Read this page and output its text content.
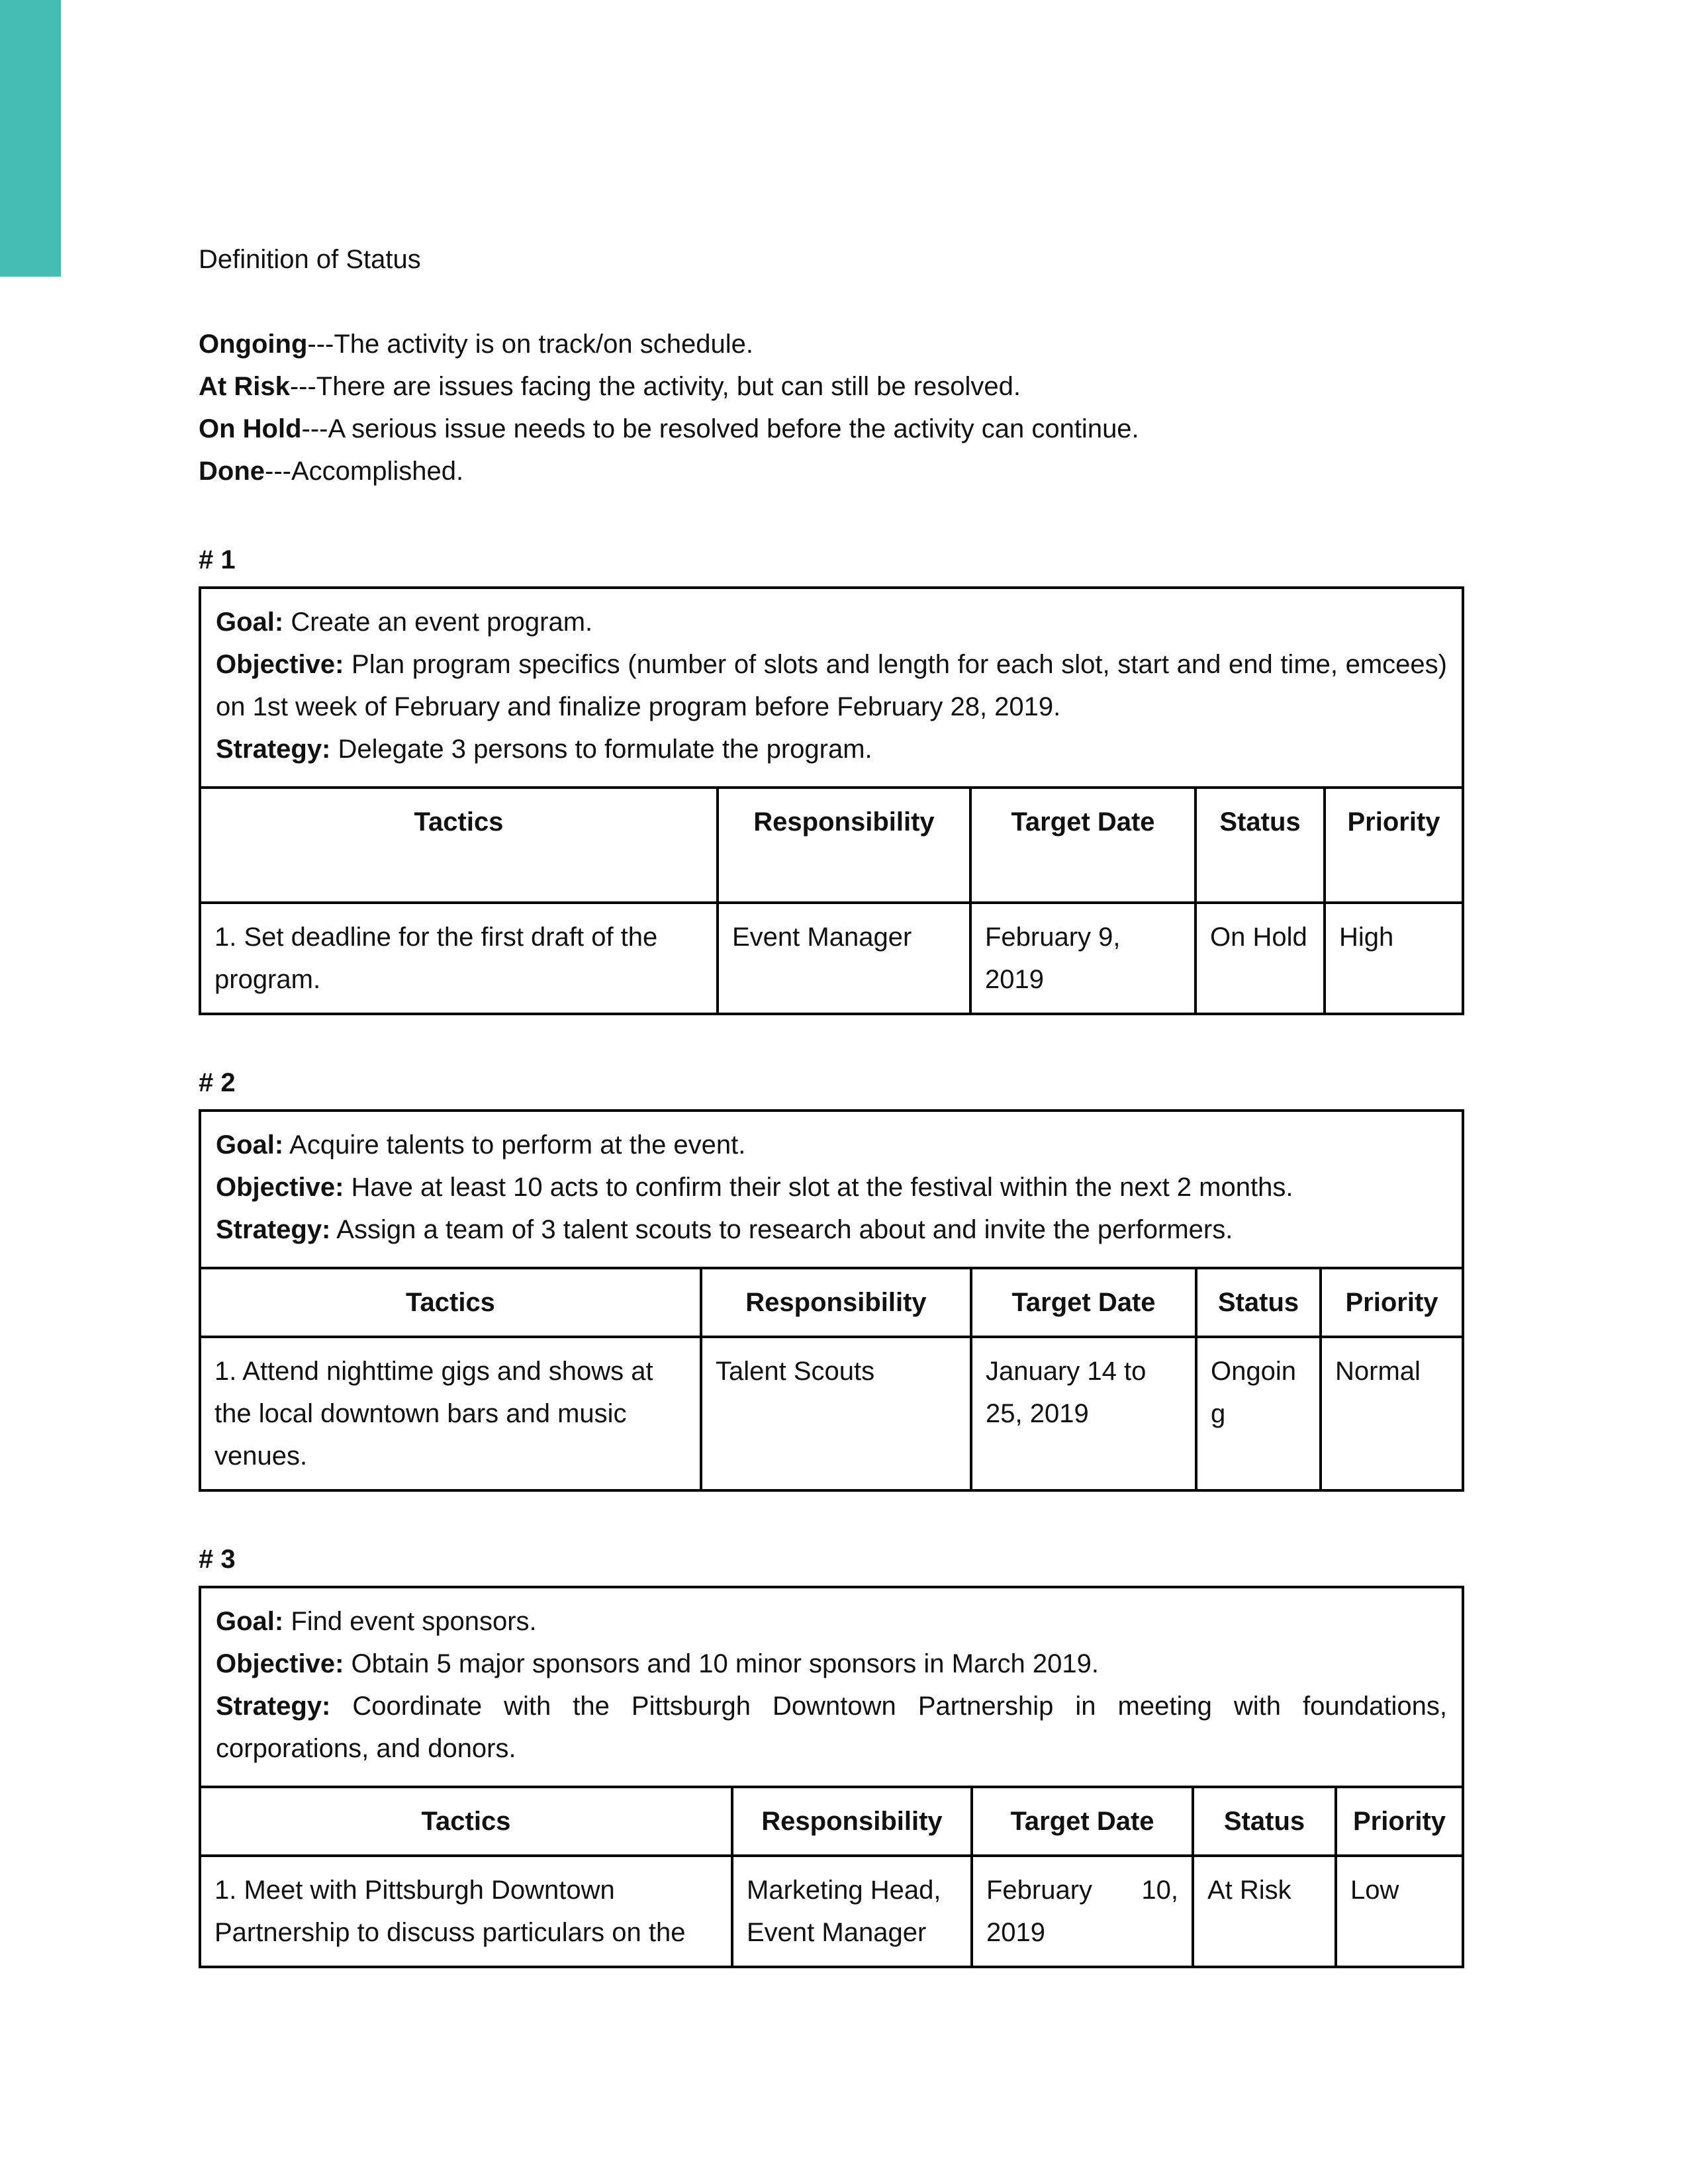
Definition of Status

Ongoing---The activity is on track/on schedule.

At Risk---There are issues facing the activity, but can still be resolved.

On Hold---A serious issue needs to be resolved before the activity can continue.

Done---Accomplished.

# 1

Goal: Create an event program.

Objective: Plan program specifics (number of slots and length for each slot, start and end time, emcees) on 1st week of February and finalize program before February 28, 2019.

Strategy: Delegate 3 persons to formulate the program.

Tactics	Responsibility	Target Date	Status	Priority
1. Set deadline for the first draft of the program.	Event Manager	February 9, 2019	On Hold	High
# 2

Goal: Acquire talents to perform at the event.

Objective: Have at least 10 acts to confirm their slot at the festival within the next 2 months.

Strategy: Assign a team of 3 talent scouts to research about and invite the performers.

Tactics	Responsibility	Target Date	Status	Priority
1. Attend nighttime gigs and shows at the local downtown bars and music venues.	Talent Scouts	January 14 to 25, 2019	Ongoing	Normal
# 3

Goal: Find event sponsors.

Objective: Obtain 5 major sponsors and 10 minor sponsors in March 2019.

Strategy: Coordinate with the Pittsburgh Downtown Partnership in meeting with foundations, corporations, and donors.

Tactics	Responsibility	Target Date	Status	Priority
1. Meet with Pittsburgh Downtown Partnership to discuss particulars on the	Marketing Head, Event Manager	February 10, 2019	At Risk	Low
